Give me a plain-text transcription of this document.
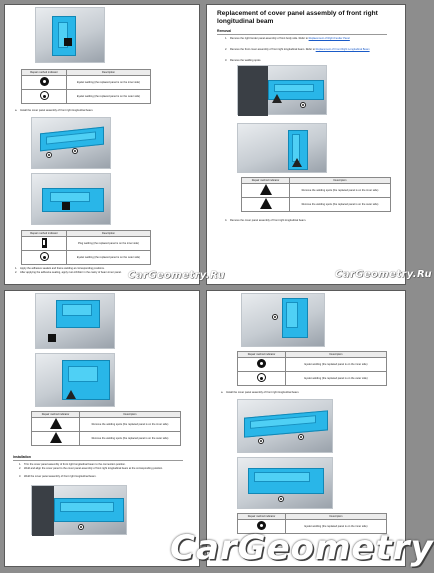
Repair method indicator	Description
	Eyelet welding (the replaced panel is on the inner side)
	Eyelet welding (the replaced panel is on the outer side)
a. Install the cover panel assembly of front right longitudinal beam.
Repair method indicator	Description
	Plug welding (the replaced panel is on the inner side)
	Eyelet welding (the replaced panel is on the outer side)
1. Apply the adhesive sealant and frame welding at corresponding positions.
2. After applying the adhesive sealing, apply rust-inhibitor in the cavity of beam inner panel.
Replacement of cover panel assembly of front right longitudinal beam
Removal
1. Remove the right fender panel assembly of front body side. Refer to Replacement of Right Fender Panel
2. Remove the front cover assembly of front right longitudinal beam. Refer to Replacement of Front Right Longitudinal Beam
3. Remove the welding spots.
Repair method indicator	Description
	Remove the welding spots (the replaced panel is on the inner side)
	Remove the welding spots (the replaced panel is on the outer side)
4. Remove the cover panel assembly of front right longitudinal beam.
CarGeometry.Ru
Repair method indicator	Description
	Remove the welding spots (the replaced panel is on the inner side)
	Remove the welding spots (the replaced panel is on the outer side)
Installation
1. Trim the cover panel assembly of front right longitudinal beam to the connection position.
2. Weld and align the cover panel to the cover panel assembly of front right longitudinal beam at the corresponding position.
3. Weld the cover panel assembly of front right longitudinal beam.
Repair method indicator	Description
	Eyelet welding (the replaced panel is on the inner side)
	Eyelet welding (the replaced panel is on the outer side)
a. Install the cover panel assembly of front right longitudinal beam.
Repair method indicator	Description
	Eyelet welding (the replaced panel is on the inner side)
CarGeometry.Ru
CarGeometry
